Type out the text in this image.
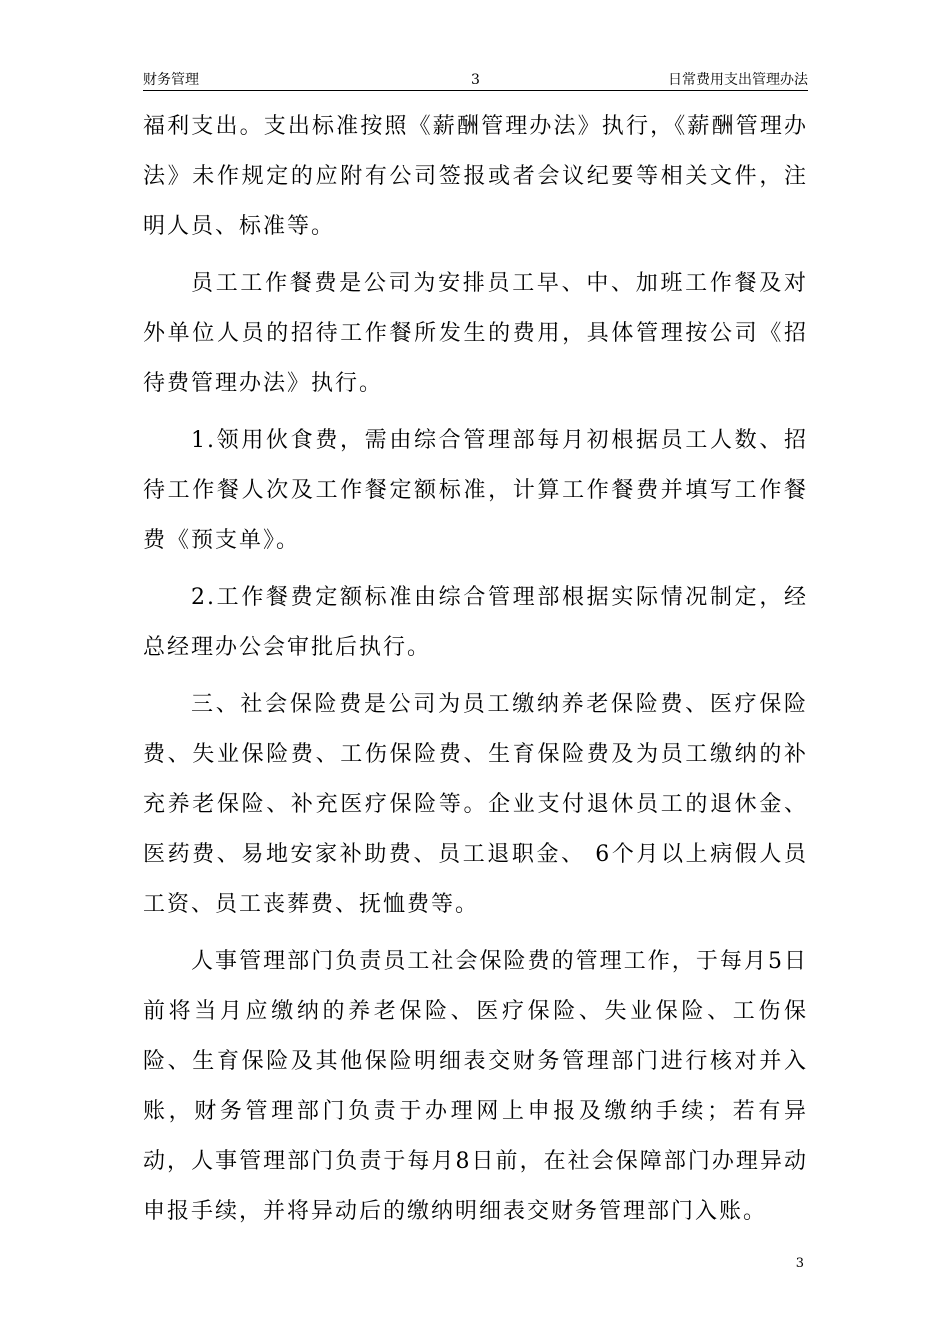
财务管理	3	日常费用支出管理办法

福利支出。支出标准按照《薪酬管理办法》执行，《薪酬管理办法》未作规定的应附有公司签报或者会议纪要等相关文件，注明人员、标准等。

员工工作餐费是公司为安排员工早、中、加班工作餐及对外单位人员的招待工作餐所发生的费用，具体管理按公司《招待费管理办法》执行。

1.领用伙食费，需由综合管理部每月初根据员工人数、招待工作餐人次及工作餐定额标准，计算工作餐费并填写工作餐费《预支单》。

2.工作餐费定额标准由综合管理部根据实际情况制定，经总经理办公会审批后执行。

三、社会保险费是公司为员工缴纳养老保险费、医疗保险费、失业保险费、工伤保险费、生育保险费及为员工缴纳的补充养老保险、补充医疗保险等。企业支付退休员工的退休金、医药费、易地安家补助费、员工退职金、 6个月以上病假人员工资、员工丧葬费、抚恤费等。

人事管理部门负责员工社会保险费的管理工作，于每月5日前将当月应缴纳的养老保险、医疗保险、失业保险、工伤保险、生育保险及其他保险明细表交财务管理部门进行核对并入账，财务管理部门负责于办理网上申报及缴纳手续；若有异动，人事管理部门负责于每月8日前，在社会保障部门办理异动申报手续，并将异动后的缴纳明细表交财务管理部门入账。

3
